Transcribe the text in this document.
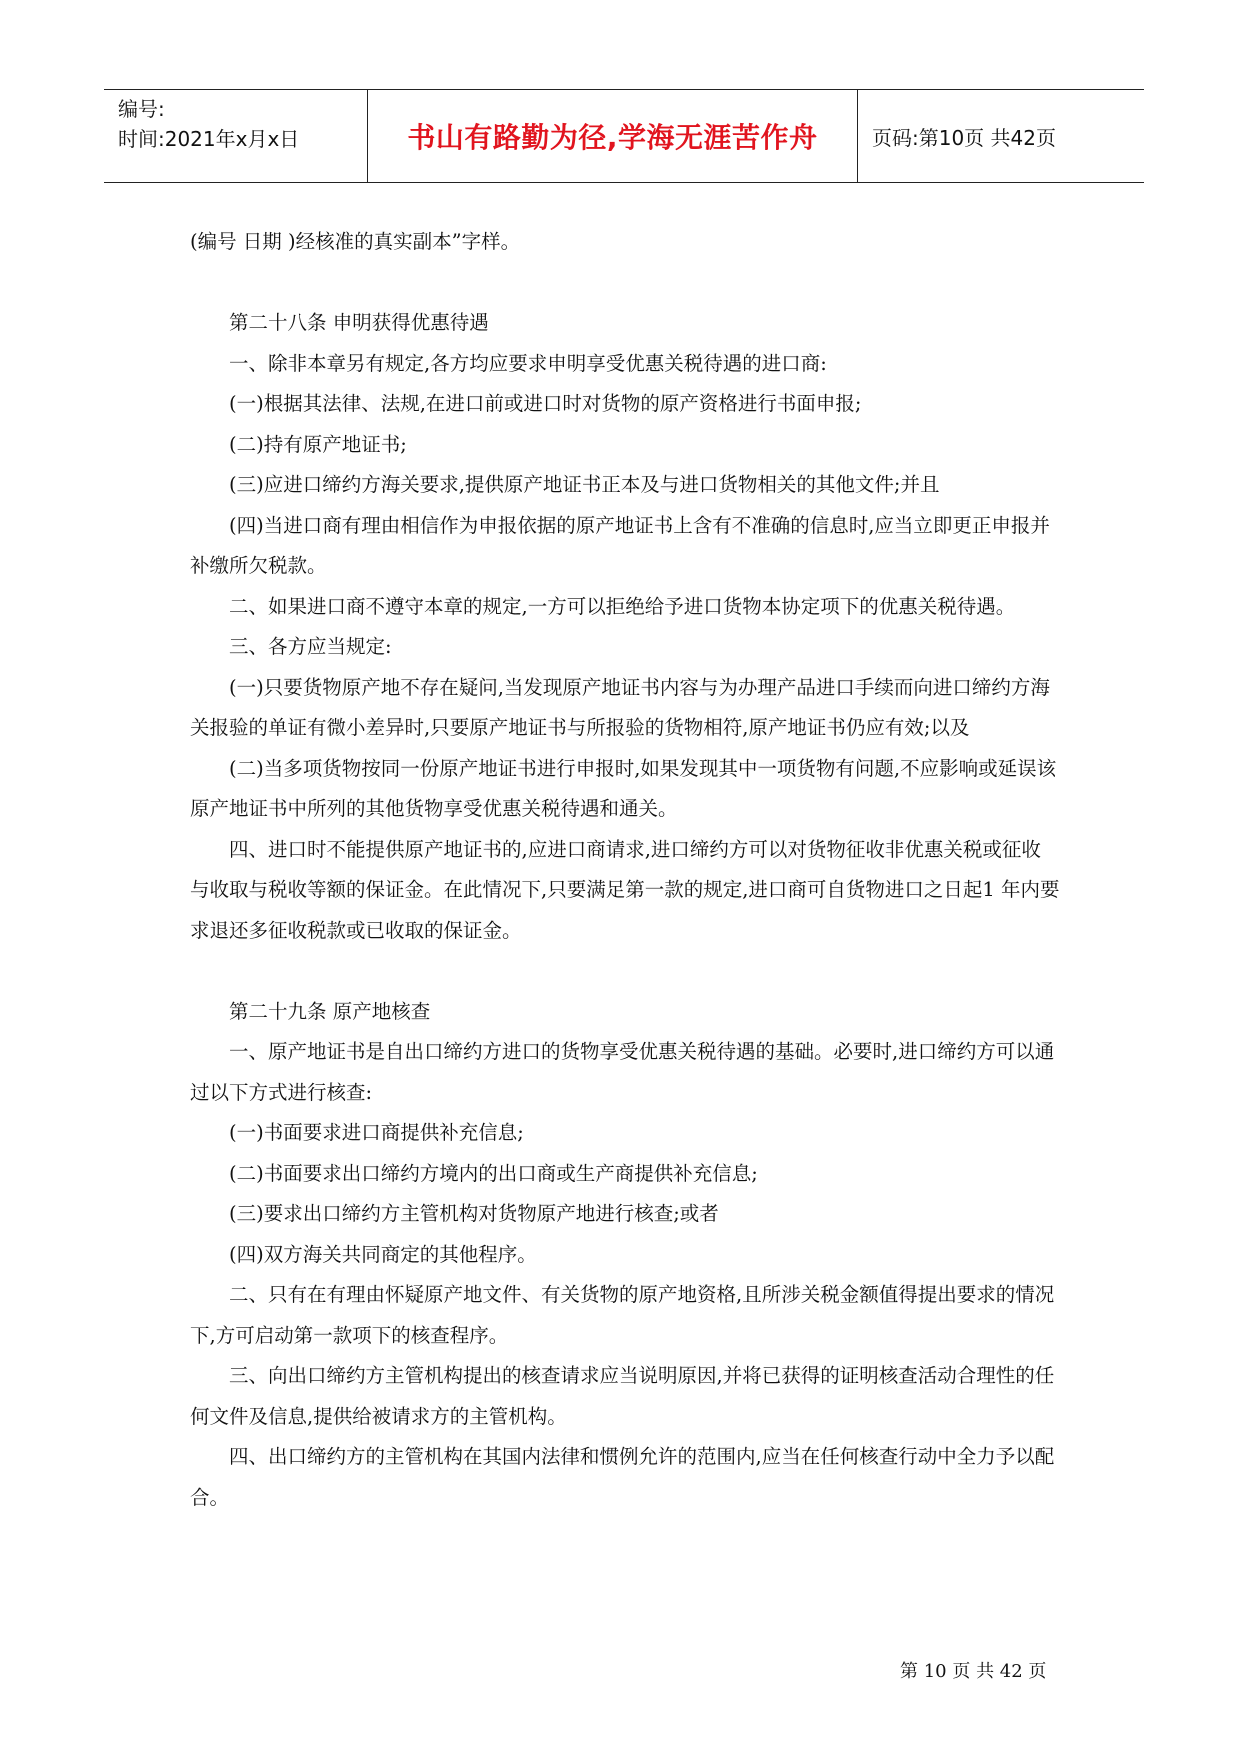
编号:
时间:2021年x月x日	书山有路勤为径,学海无涯苦作舟	页码:第10页 共42页

(编号 日期 )经核准的真实副本”字样。

第二十八条 申明获得优惠待遇

一、除非本章另有规定,各方均应要求申明享受优惠关税待遇的进口商:

(一)根据其法律、法规,在进口前或进口时对货物的原产资格进行书面申报;

(二)持有原产地证书;

(三)应进口缔约方海关要求,提供原产地证书正本及与进口货物相关的其他文件;并且

(四)当进口商有理由相信作为申报依据的原产地证书上含有不准确的信息时,应当立即更正申报并补缴所欠税款。

二、如果进口商不遵守本章的规定,一方可以拒绝给予进口货物本协定项下的优惠关税待遇。

三、各方应当规定:

(一)只要货物原产地不存在疑问,当发现原产地证书内容与为办理产品进口手续而向进口缔约方海关报验的单证有微小差异时,只要原产地证书与所报验的货物相符,原产地证书仍应有效;以及

(二)当多项货物按同一份原产地证书进行申报时,如果发现其中一项货物有问题,不应影响或延误该原产地证书中所列的其他货物享受优惠关税待遇和通关。

四、进口时不能提供原产地证书的,应进口商请求,进口缔约方可以对货物征收非优惠关税或征收与收取与税收等额的保证金。在此情况下,只要满足第一款的规定,进口商可自货物进口之日起1 年内要求退还多征收税款或已收取的保证金。

第二十九条 原产地核查

一、原产地证书是自出口缔约方进口的货物享受优惠关税待遇的基础。必要时,进口缔约方可以通过以下方式进行核查:

(一)书面要求进口商提供补充信息;

(二)书面要求出口缔约方境内的出口商或生产商提供补充信息;

(三)要求出口缔约方主管机构对货物原产地进行核查;或者

(四)双方海关共同商定的其他程序。

二、只有在有理由怀疑原产地文件、有关货物的原产地资格,且所涉关税金额值得提出要求的情况下,方可启动第一款项下的核查程序。

三、向出口缔约方主管机构提出的核查请求应当说明原因,并将已获得的证明核查活动合理性的任何文件及信息,提供给被请求方的主管机构。

四、出口缔约方的主管机构在其国内法律和惯例允许的范围内,应当在任何核查行动中全力予以配合。

第 10 页 共 42 页
